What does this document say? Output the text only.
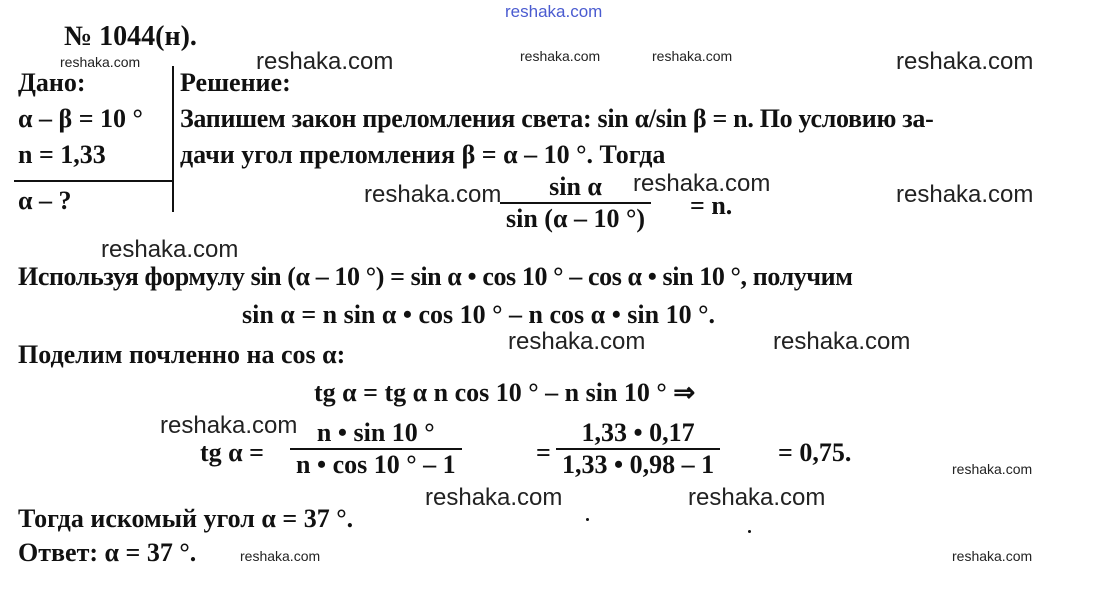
reshaka.com
reshaka.com	reshaka.com	reshaka.com	reshaka.com	reshaka.com
reshaka.com	reshaka.com	reshaka.com
reshaka.com
reshaka.com	reshaka.com
reshaka.com
reshaka.com
reshaka.com	reshaka.com
reshaka.com	reshaka.com
№ 1044(н).
Дано:
α – β = 10 °
n = 1,33
α – ?
Решение:
Запишем закон преломления света: sin α/sin β = n. По условию за-
дачи угол преломления β = α – 10 °. Тогда
$\frac{\text{sin α}}{\sin (\alpha - 10 ^\circ)} = n$.
Используя формулу sin (α – 10 °) = sin α • cos 10 ° – cos α • sin 10 °, получим
sin α = n sin α • cos 10 ° – n cos α • sin 10 °.
Поделим почленно на cos α:
tg α = tg α n cos 10 ° – n sin 10 ° ⇒
tg $\alpha = \frac{n • \sin 10 ^\circ}{n • \cos 10 ^\circ - 1}$	= $\frac{1,33 • 0,17}{1,33 • 0,98 - 1} = 0,75$.
Тогда искомый угол α = 37 °.
Ответ: α = 37 °.
